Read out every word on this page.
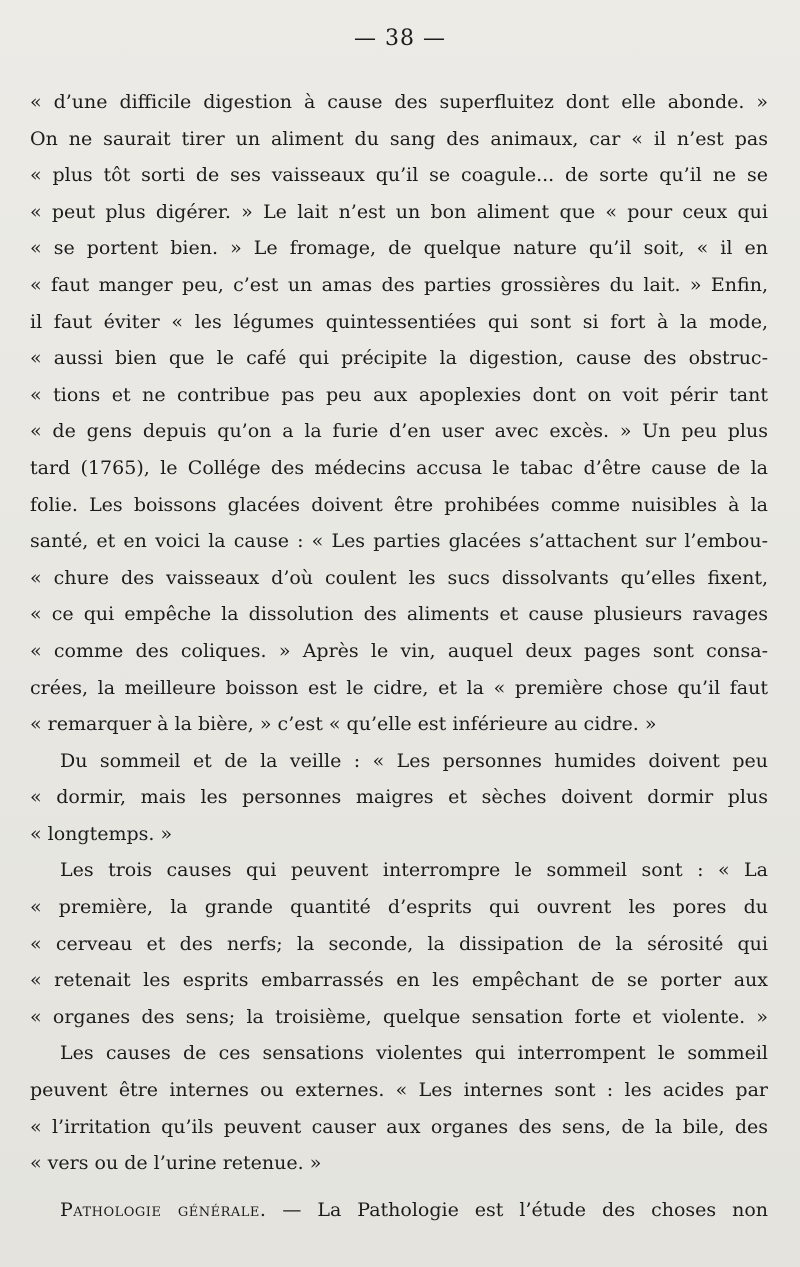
— 38 —
« d’une difficile digestion à cause des superfluitez dont elle abonde. »
On ne saurait tirer un aliment du sang des animaux, car « il n’est pas
« plus tôt sorti de ses vaisseaux qu’il se coagule... de sorte qu’il ne se
« peut plus digérer. » Le lait n’est un bon aliment que « pour ceux qui
« se portent bien. » Le fromage, de quelque nature qu’il soit, « il en
« faut manger peu, c’est un amas des parties grossières du lait. » Enfin,
il faut éviter « les légumes quintessentiées qui sont si fort à la mode,
« aussi bien que le café qui précipite la digestion, cause des obstruc-
« tions et ne contribue pas peu aux apoplexies dont on voit périr tant
« de gens depuis qu’on a la furie d’en user avec excès. » Un peu plus
tard (1765), le Collége des médecins accusa le tabac d’être cause de la
folie. Les boissons glacées doivent être prohibées comme nuisibles à la
santé, et en voici la cause : « Les parties glacées s’attachent sur l’embou-
« chure des vaisseaux d’où coulent les sucs dissolvants qu’elles fixent,
« ce qui empêche la dissolution des aliments et cause plusieurs ravages
« comme des coliques. » Après le vin, auquel deux pages sont consa-
crées, la meilleure boisson est le cidre, et la « première chose qu’il faut
« remarquer à la bière, » c’est « qu’elle est inférieure au cidre. »
Du sommeil et de la veille : « Les personnes humides doivent peu
« dormir, mais les personnes maigres et sèches doivent dormir plus
« longtemps. »
Les trois causes qui peuvent interrompre le sommeil sont : « La
« première, la grande quantité d’esprits qui ouvrent les pores du
« cerveau et des nerfs; la seconde, la dissipation de la sérosité qui
« retenait les esprits embarrassés en les empêchant de se porter aux
« organes des sens; la troisième, quelque sensation forte et violente. »
Les causes de ces sensations violentes qui interrompent le sommeil
peuvent être internes ou externes. « Les internes sont : les acides par
« l’irritation qu’ils peuvent causer aux organes des sens, de la bile, des
« vers ou de l’urine retenue. »
Pathologie générale. — La Pathologie est l’étude des choses non
